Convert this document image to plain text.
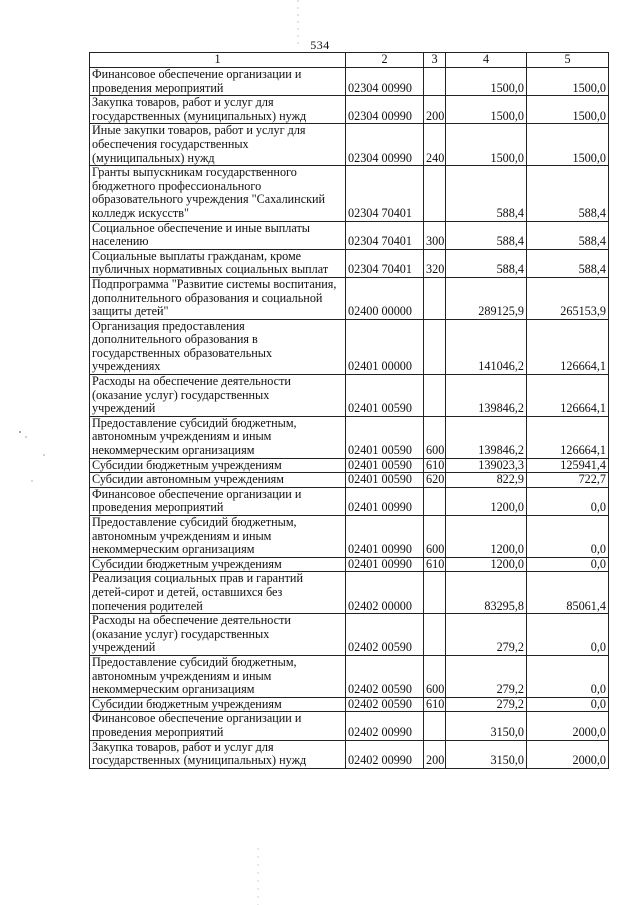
534
1	2	3	4	5

Финансовое обеспечение организации и
проведения мероприятий	02304 00990		1500,0	1500,0

Закупка товаров, работ и услуг для
государственных (муниципальных) нужд	02304 00990	200	1500,0	1500,0

Иные закупки товаров, работ и услуг для
обеспечения государственных
(муниципальных) нужд	02304 00990	240	1500,0	1500,0

Гранты выпускникам государственного
бюджетного профессионального
образовательного учреждения "Сахалинский
колледж искусств"	02304 70401		588,4	588,4

Социальное обеспечение и иные выплаты
населению	02304 70401	300	588,4	588,4

Социальные выплаты гражданам, кроме
публичных нормативных социальных выплат	02304 70401	320	588,4	588,4

Подпрограмма "Развитие системы воспитания,
дополнительного образования и социальной
защиты детей"	02400 00000		289125,9	265153,9

Организация предоставления
дополнительного образования в
государственных образовательных
учреждениях	02401 00000		141046,2	126664,1

Расходы на обеспечение деятельности
(оказание услуг) государственных
учреждений	02401 00590		139846,2	126664,1

Предоставление субсидий бюджетным,
автономным учреждениям и иным
некоммерческим организациям	02401 00590	600	139846,2	126664,1

Субсидии бюджетным учреждениям	02401 00590	610	139023,3	125941,4

Субсидии автономным учреждениям	02401 00590	620	822,9	722,7

Финансовое обеспечение организации и
проведения мероприятий	02401 00990		1200,0	0,0

Предоставление субсидий бюджетным,
автономным учреждениям и иным
некоммерческим организациям	02401 00990	600	1200,0	0,0

Субсидии бюджетным учреждениям	02401 00990	610	1200,0	0,0

Реализация социальных прав и гарантий
детей-сирот и детей, оставшихся без
попечения родителей	02402 00000		83295,8	85061,4

Расходы на обеспечение деятельности
(оказание услуг) государственных
учреждений	02402 00590		279,2	0,0

Предоставление субсидий бюджетным,
автономным учреждениям и иным
некоммерческим организациям	02402 00590	600	279,2	0,0

Субсидии бюджетным учреждениям	02402 00590	610	279,2	0,0

Финансовое обеспечение организации и
проведения мероприятий	02402 00990		3150,0	2000,0

Закупка товаров, работ и услуг для
государственных (муниципальных) нужд	02402 00990	200	3150,0	2000,0
